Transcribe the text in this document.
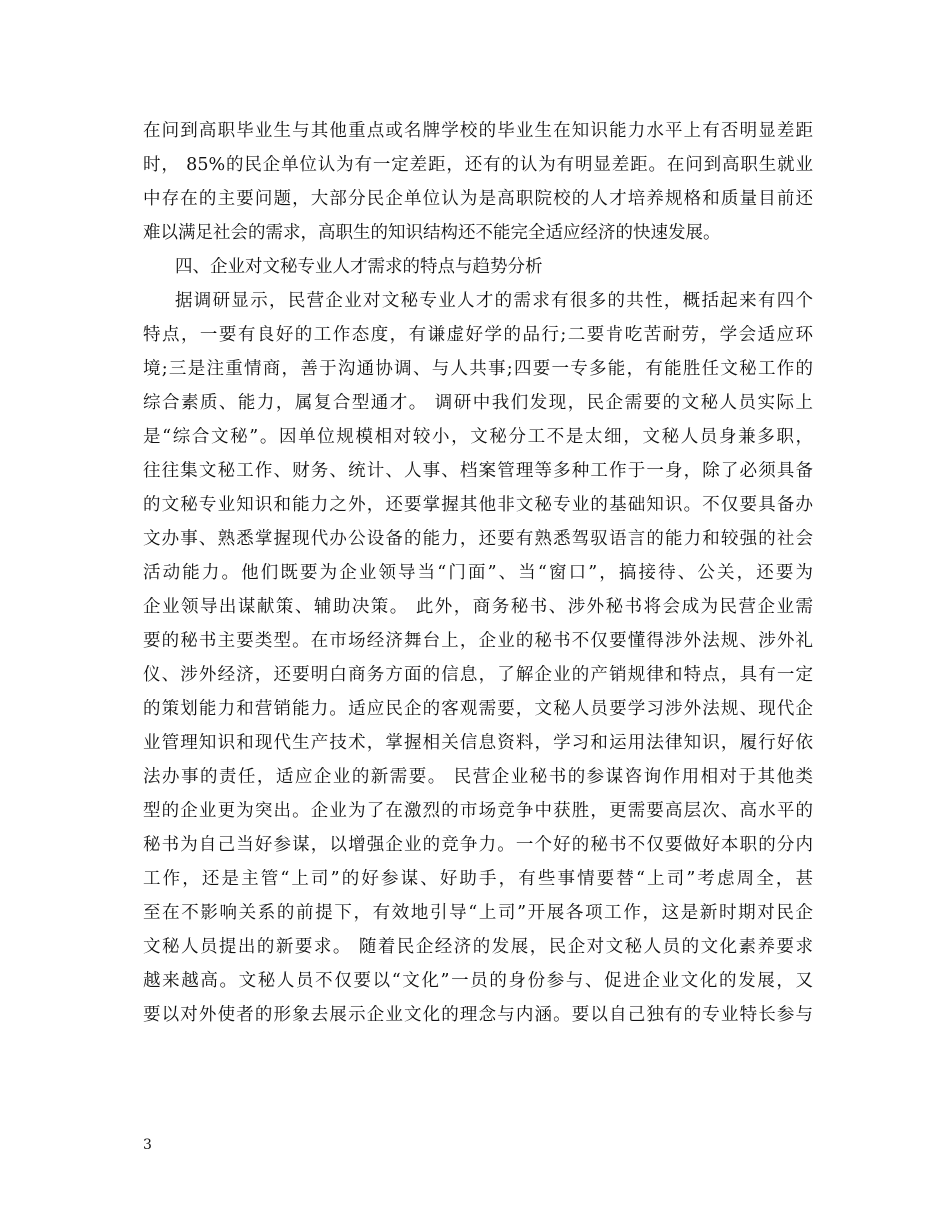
在问到高职毕业生与其他重点或名牌学校的毕业生在知识能力水平上有否明显差距
时， 85%的民企单位认为有一定差距，还有的认为有明显差距。在问到高职生就业
中存在的主要问题，大部分民企单位认为是高职院校的人才培养规格和质量目前还
难以满足社会的需求，高职生的知识结构还不能完全适应经济的快速发展。
四、企业对文秘专业人才需求的特点与趋势分析
据调研显示，民营企业对文秘专业人才的需求有很多的共性，概括起来有四个
特点，一要有良好的工作态度，有谦虚好学的品行;二要肯吃苦耐劳，学会适应环
境;三是注重情商，善于沟通协调、与人共事;四要一专多能，有能胜任文秘工作的
综合素质、能力，属复合型通才。 调研中我们发现，民企需要的文秘人员实际上
是“综合文秘”。因单位规模相对较小，文秘分工不是太细，文秘人员身兼多职，
往往集文秘工作、财务、统计、人事、档案管理等多种工作于一身，除了必须具备
的文秘专业知识和能力之外，还要掌握其他非文秘专业的基础知识。不仅要具备办
文办事、熟悉掌握现代办公设备的能力，还要有熟悉驾驭语言的能力和较强的社会
活动能力。他们既要为企业领导当“门面”、当“窗口”，搞接待、公关，还要为
企业领导出谋献策、辅助决策。 此外，商务秘书、涉外秘书将会成为民营企业需
要的秘书主要类型。在市场经济舞台上，企业的秘书不仅要懂得涉外法规、涉外礼
仪、涉外经济，还要明白商务方面的信息，了解企业的产销规律和特点，具有一定
的策划能力和营销能力。适应民企的客观需要，文秘人员要学习涉外法规、现代企
业管理知识和现代生产技术，掌握相关信息资料，学习和运用法律知识，履行好依
法办事的责任，适应企业的新需要。 民营企业秘书的参谋咨询作用相对于其他类
型的企业更为突出。企业为了在激烈的市场竞争中获胜，更需要高层次、高水平的
秘书为自己当好参谋，以增强企业的竞争力。一个好的秘书不仅要做好本职的分内
工作，还是主管“上司”的好参谋、好助手，有些事情要替“上司”考虑周全，甚
至在不影响关系的前提下，有效地引导“上司”开展各项工作，这是新时期对民企
文秘人员提出的新要求。 随着民企经济的发展，民企对文秘人员的文化素养要求
越来越高。文秘人员不仅要以“文化”一员的身份参与、促进企业文化的发展，又
要以对外使者的形象去展示企业文化的理念与内涵。要以自己独有的专业特长参与
3
